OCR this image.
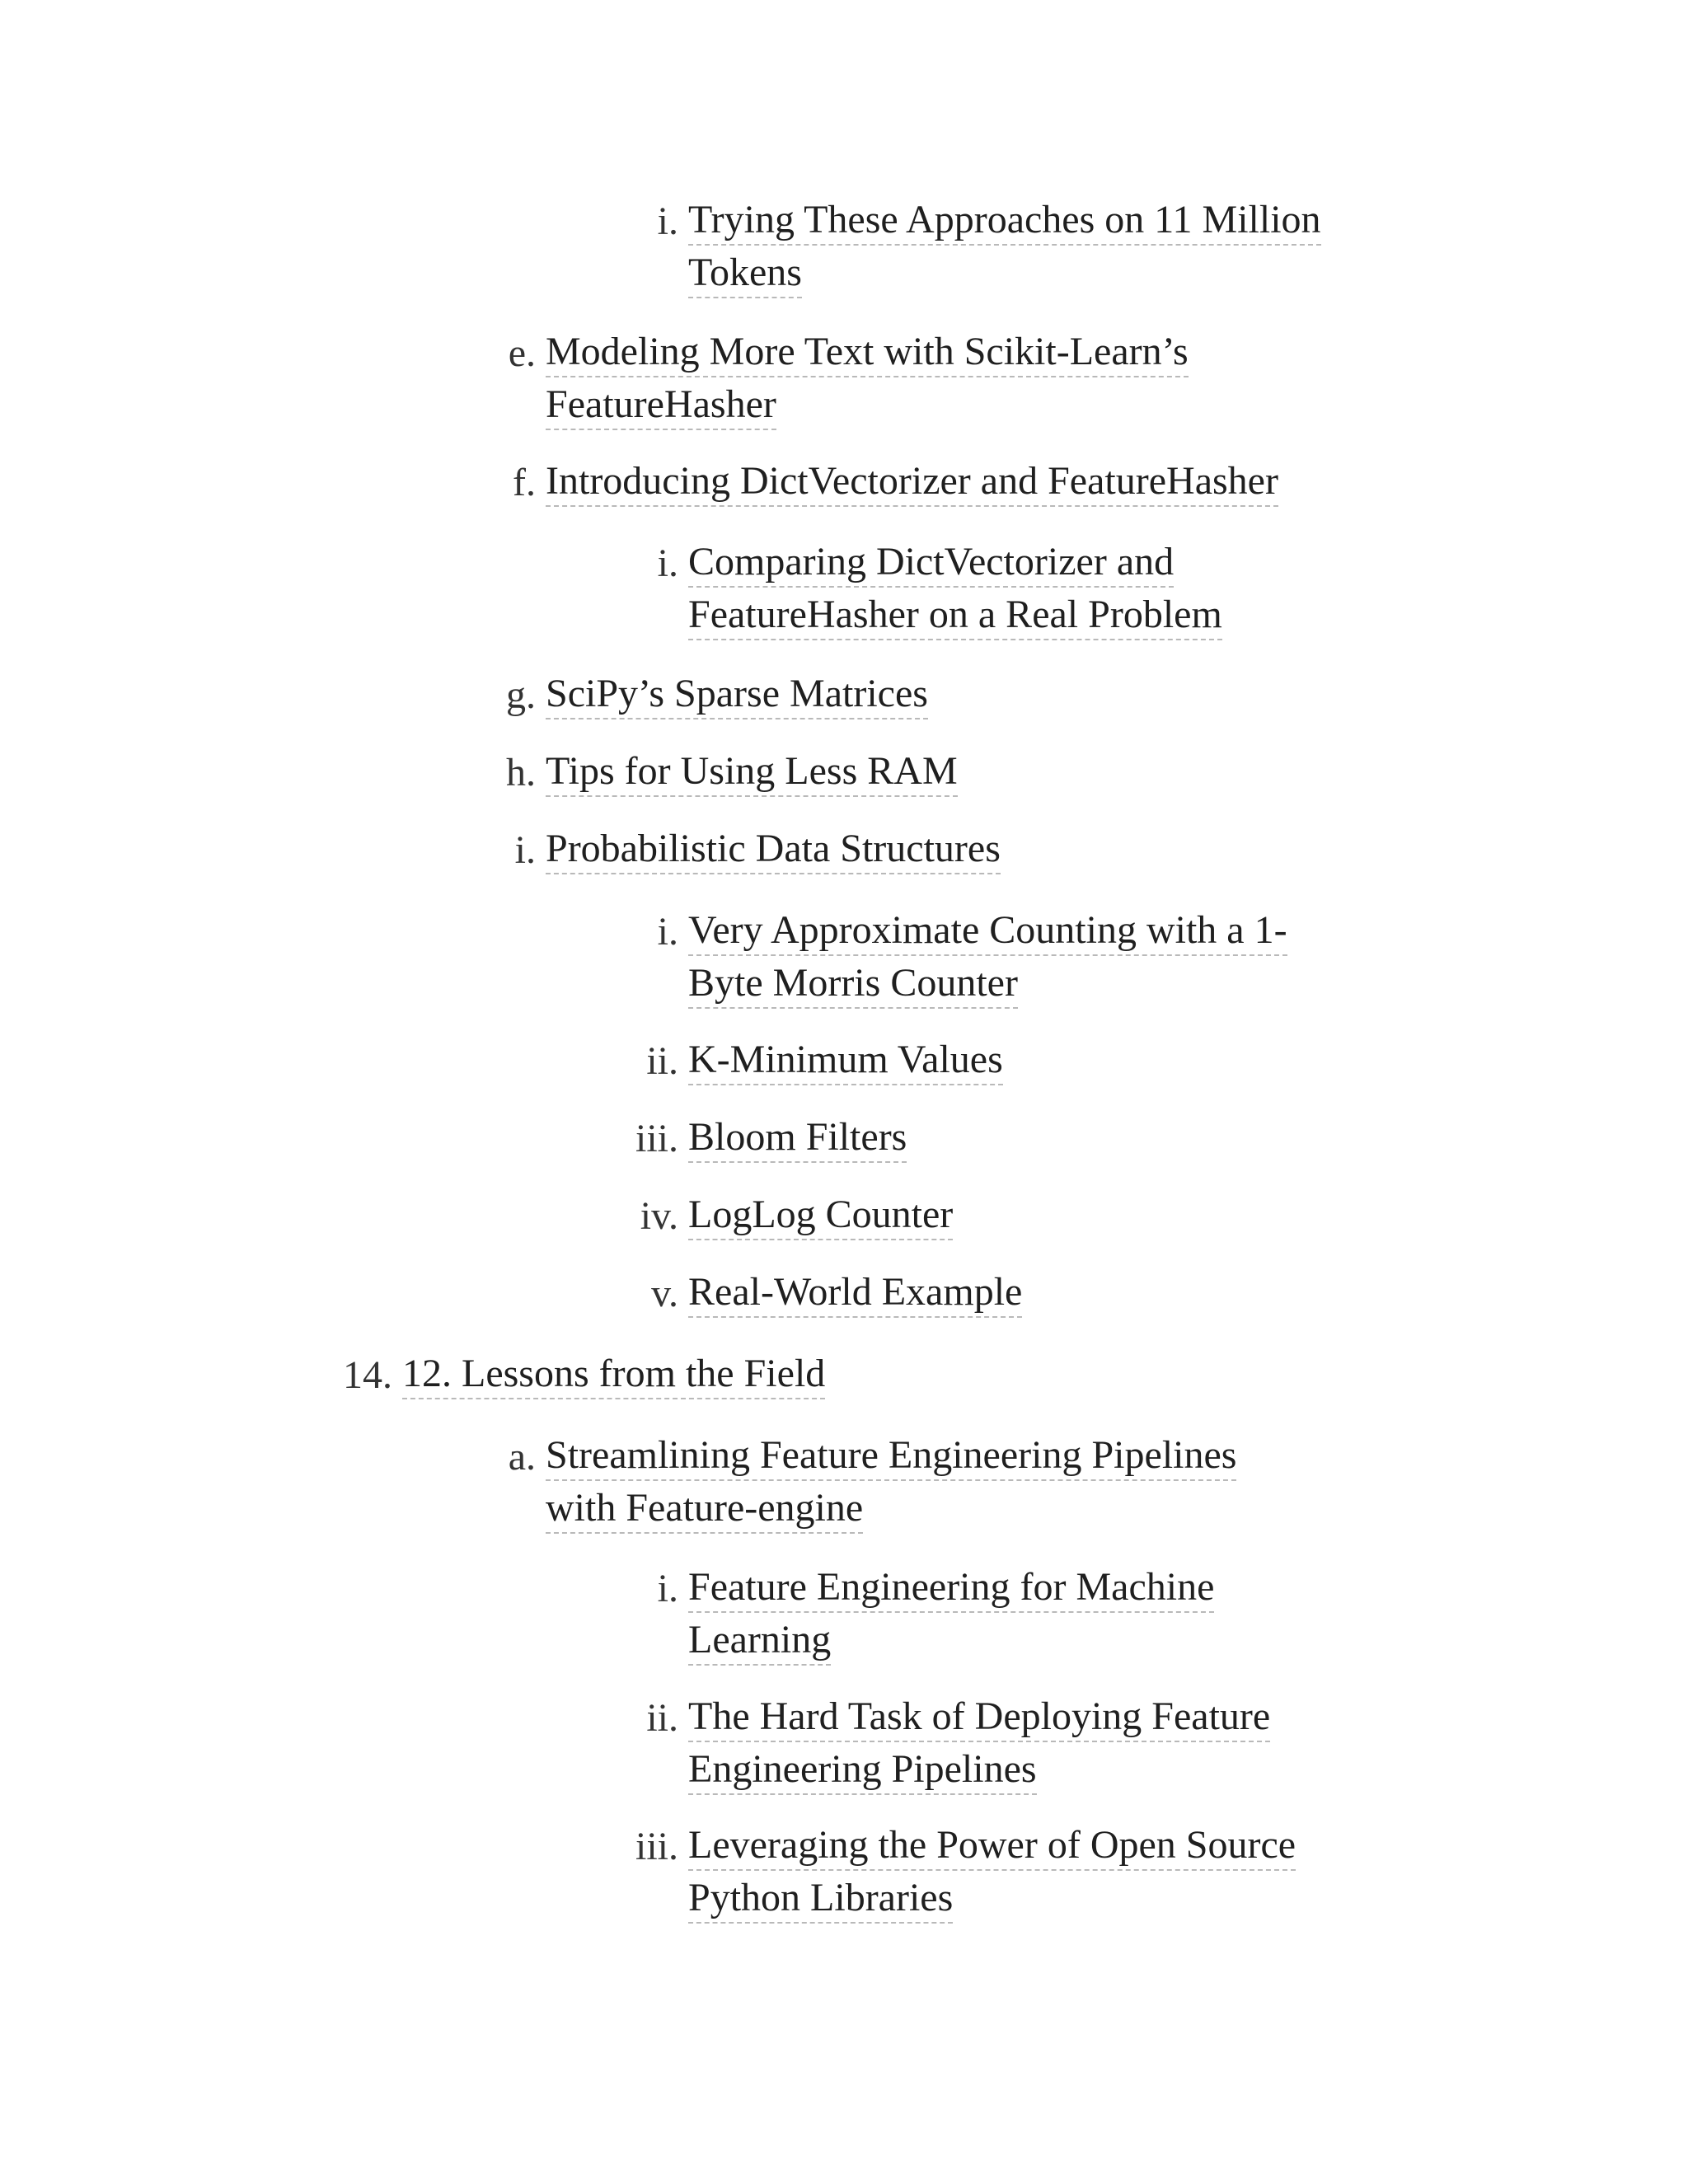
i. Trying These Approaches on 11 Million
Tokens
e. Modeling More Text with Scikit-Learn’s
FeatureHasher
f. Introducing DictVectorizer and FeatureHasher
i. Comparing DictVectorizer and
FeatureHasher on a Real Problem
g. SciPy’s Sparse Matrices
h. Tips for Using Less RAM
i. Probabilistic Data Structures
i. Very Approximate Counting with a 1-
Byte Morris Counter
ii. K-Minimum Values
iii. Bloom Filters
iv. LogLog Counter
v. Real-World Example
14. 12. Lessons from the Field
a. Streamlining Feature Engineering Pipelines
with Feature-engine
i. Feature Engineering for Machine
Learning
ii. The Hard Task of Deploying Feature
Engineering Pipelines
iii. Leveraging the Power of Open Source
Python Libraries
